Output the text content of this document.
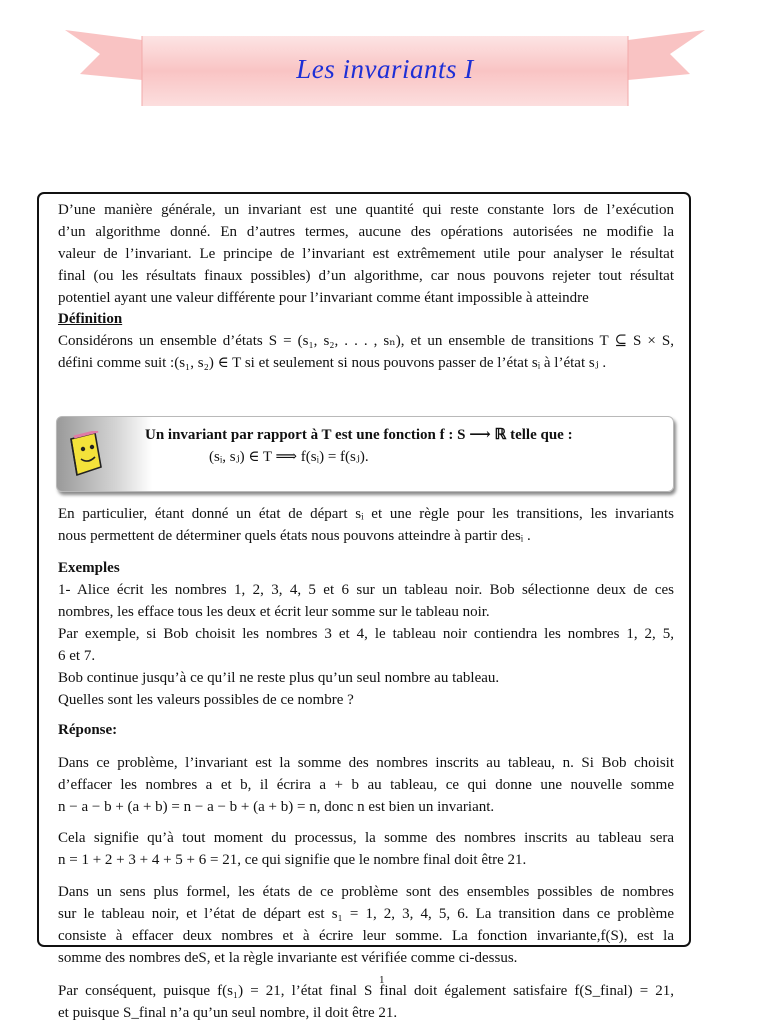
Les invariants I
D’une manière générale, un invariant est une quantité qui reste constante lors de l’exécution
d’un algorithme donné. En d’autres termes, aucune des opérations autorisées ne modifie la
valeur de l’invariant. Le principe de l’invariant est extrêmement utile pour analyser le résultat
final (ou les résultats finaux possibles) d’un algorithme, car nous pouvons rejeter tout résultat
potentiel ayant une valeur différente pour l’invariant comme étant impossible à atteindre
Définition
Considérons un ensemble d’états S = (s₁, s₂, . . . , sₙ), et un ensemble de transitions T ⊆ S × S,
défini comme suit :(s₁, s₂) ∈ T si et seulement si nous pouvons passer de l’état sᵢ à l’état sⱼ .
Un invariant par rapport à T est une fonction f : S ⟶ ℝ telle que :
(sᵢ, sⱼ) ∈ T ⟹ f(sᵢ) = f(sⱼ).
En particulier, étant donné un état de départ sᵢ et une règle pour les transitions, les invariants
nous permettent de déterminer quels états nous pouvons atteindre à partir desᵢ .
Exemples
1- Alice écrit les nombres 1, 2, 3, 4, 5 et 6 sur un tableau noir. Bob sélectionne deux de ces
nombres, les efface tous les deux et écrit leur somme sur le tableau noir.
Par exemple, si Bob choisit les nombres 3 et 4, le tableau noir contiendra les nombres 1, 2, 5,
6 et 7.
Bob continue jusqu’à ce qu’il ne reste plus qu’un seul nombre au tableau.
Quelles sont les valeurs possibles de ce nombre ?
Réponse:
Dans ce problème, l’invariant est la somme des nombres inscrits au tableau, n. Si Bob choisit
d’effacer les nombres a et b, il écrira a + b au tableau, ce qui donne une nouvelle somme
n − a − b + (a + b) = n − a − b + (a + b) = n, donc n est bien un invariant.
Cela signifie qu’à tout moment du processus, la somme des nombres inscrits au tableau sera
n = 1 + 2 + 3 + 4 + 5 + 6 = 21, ce qui signifie que le nombre final doit être 21.
Dans un sens plus formel, les états de ce problème sont des ensembles possibles de nombres
sur le tableau noir, et l’état de départ est s₁ = 1, 2, 3, 4, 5, 6. La transition dans ce problème
consiste à effacer deux nombres et à écrire leur somme. La fonction invariante,f(S), est la
somme des nombres deS, et la règle invariante est vérifiée comme ci-dessus.
Par conséquent, puisque f(s₁) = 21, l’état final S final doit également satisfaire f(S_final) = 21,
et puisque S_final n’a qu’un seul nombre, il doit être 21.
1
